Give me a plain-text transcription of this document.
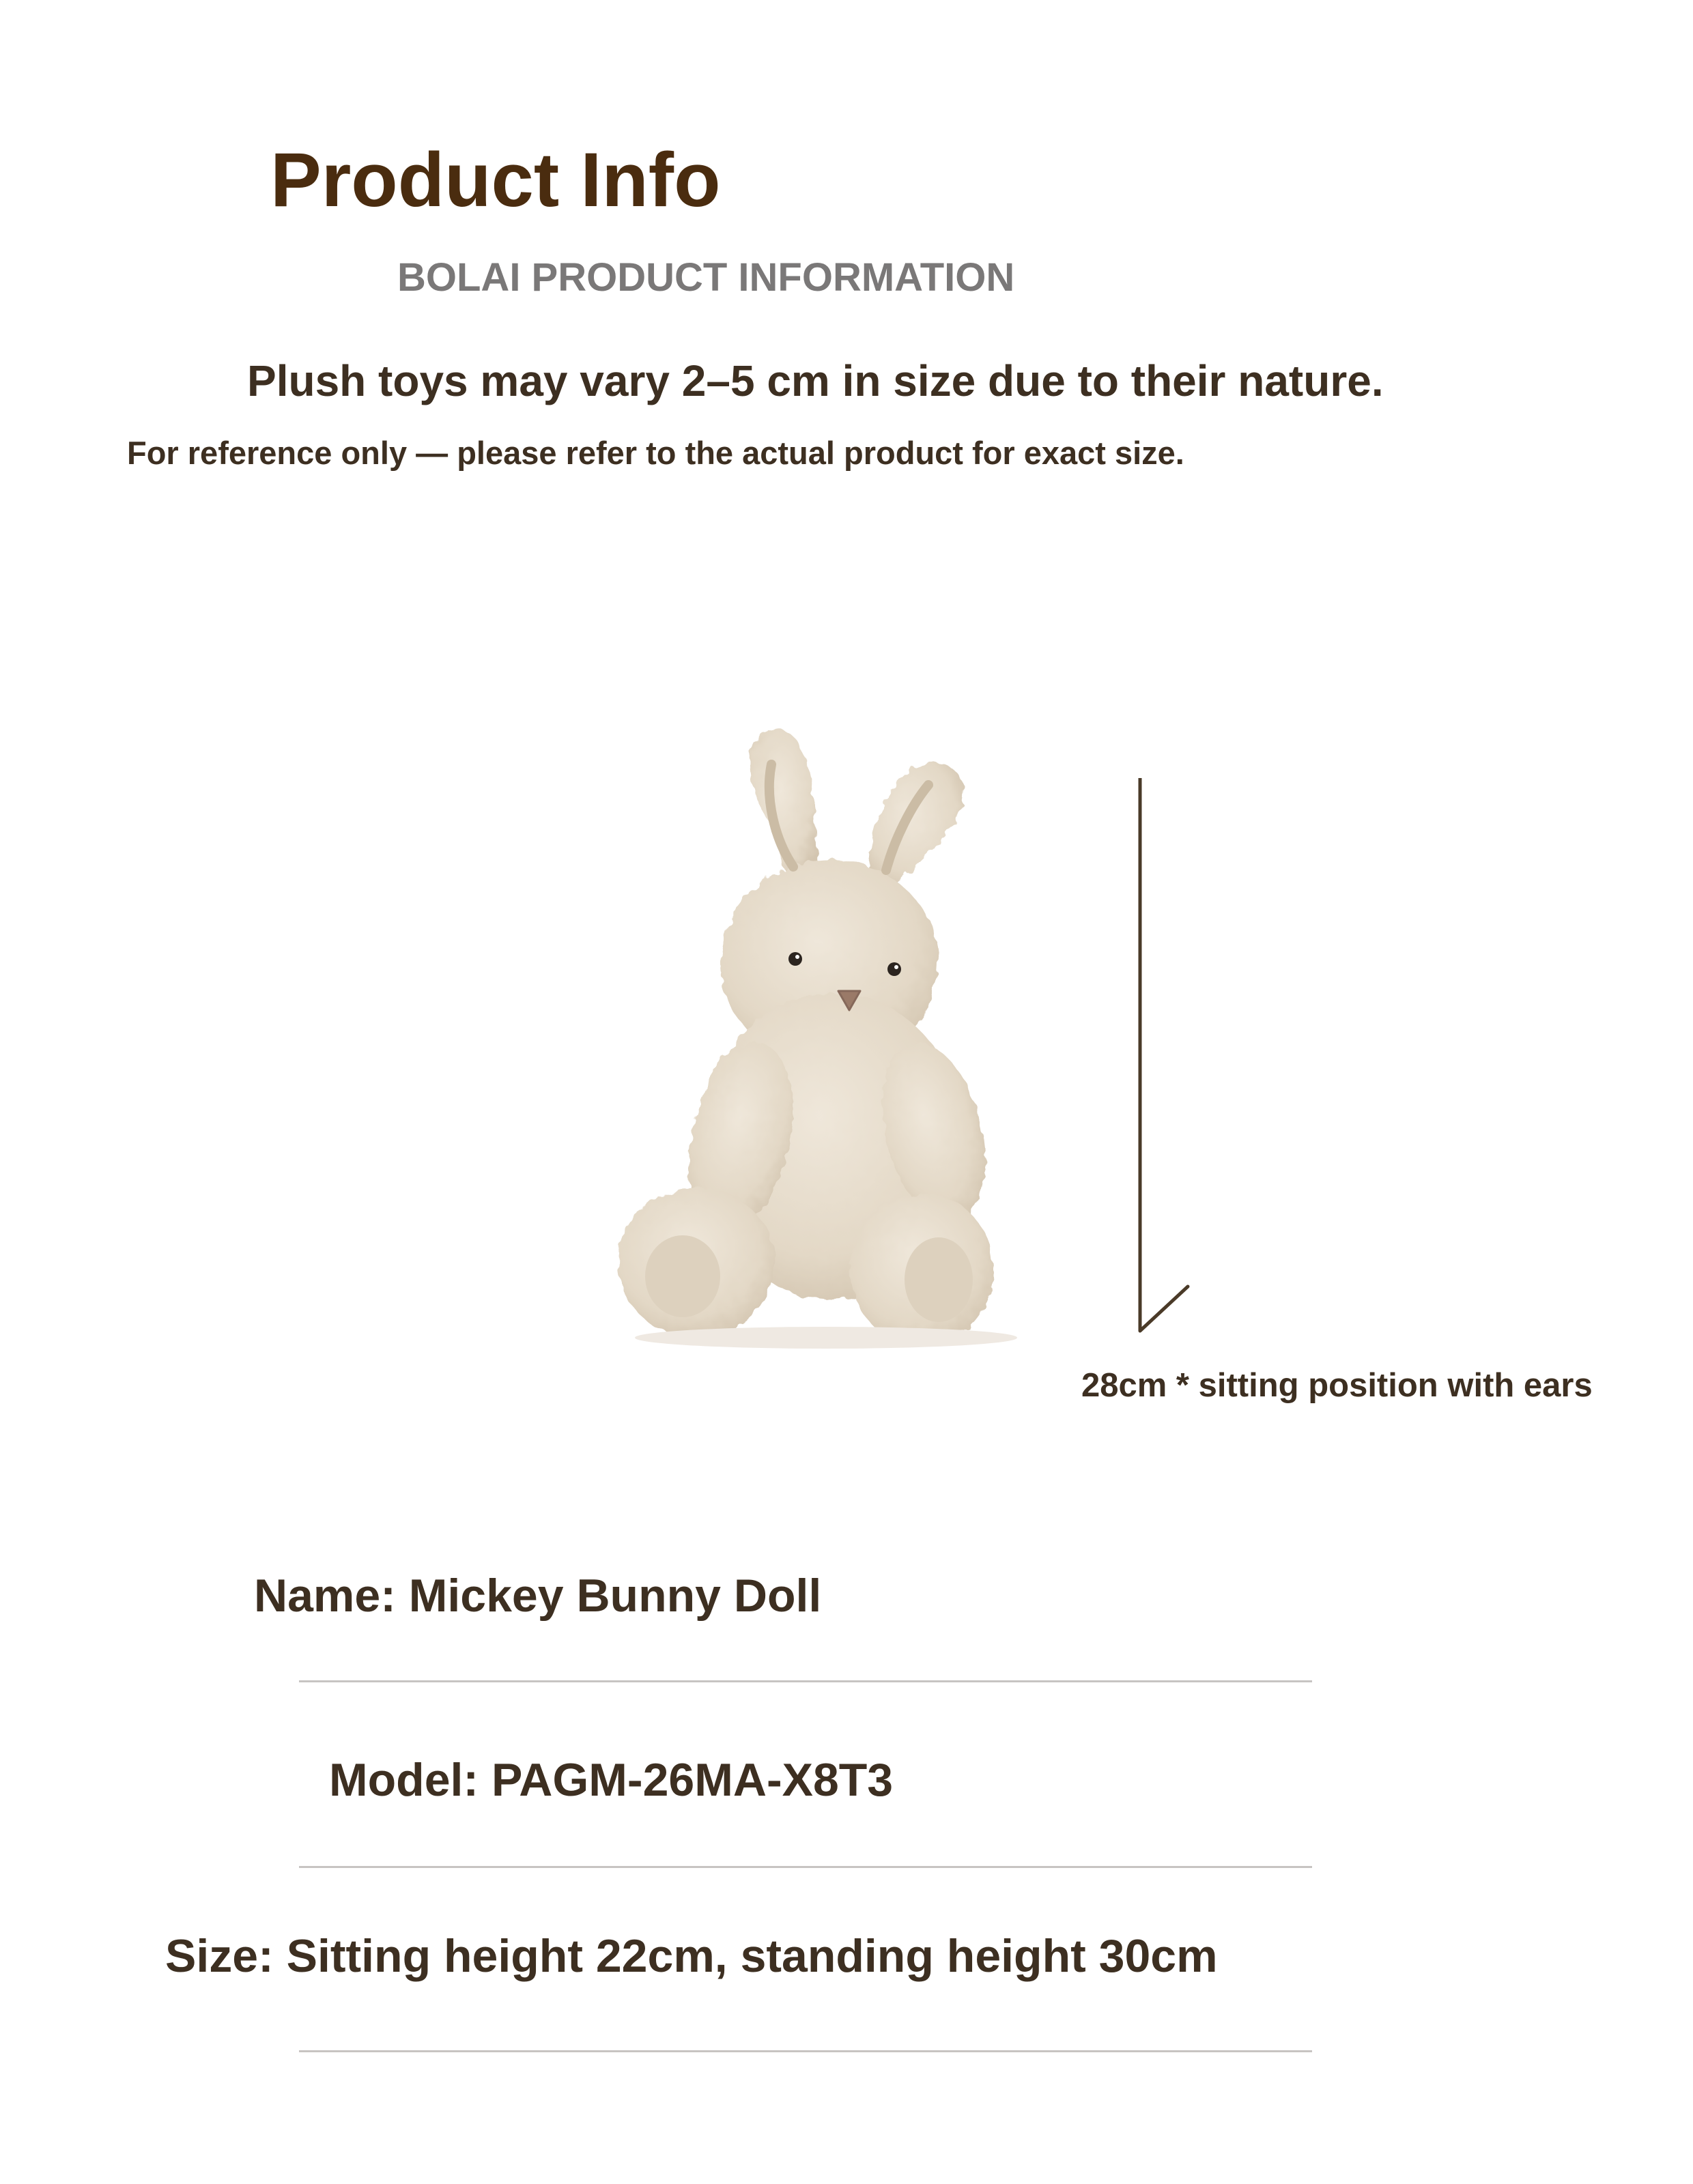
Product Info
BOLAI PRODUCT INFORMATION
Plush toys may vary 2–5 cm in size due to their nature.
For reference only — please refer to the actual product for exact size.
28cm * sitting position with ears
Name: Mickey Bunny Doll
Model: PAGM-26MA-X8T3
Size: Sitting height 22cm, standing height 30cm
